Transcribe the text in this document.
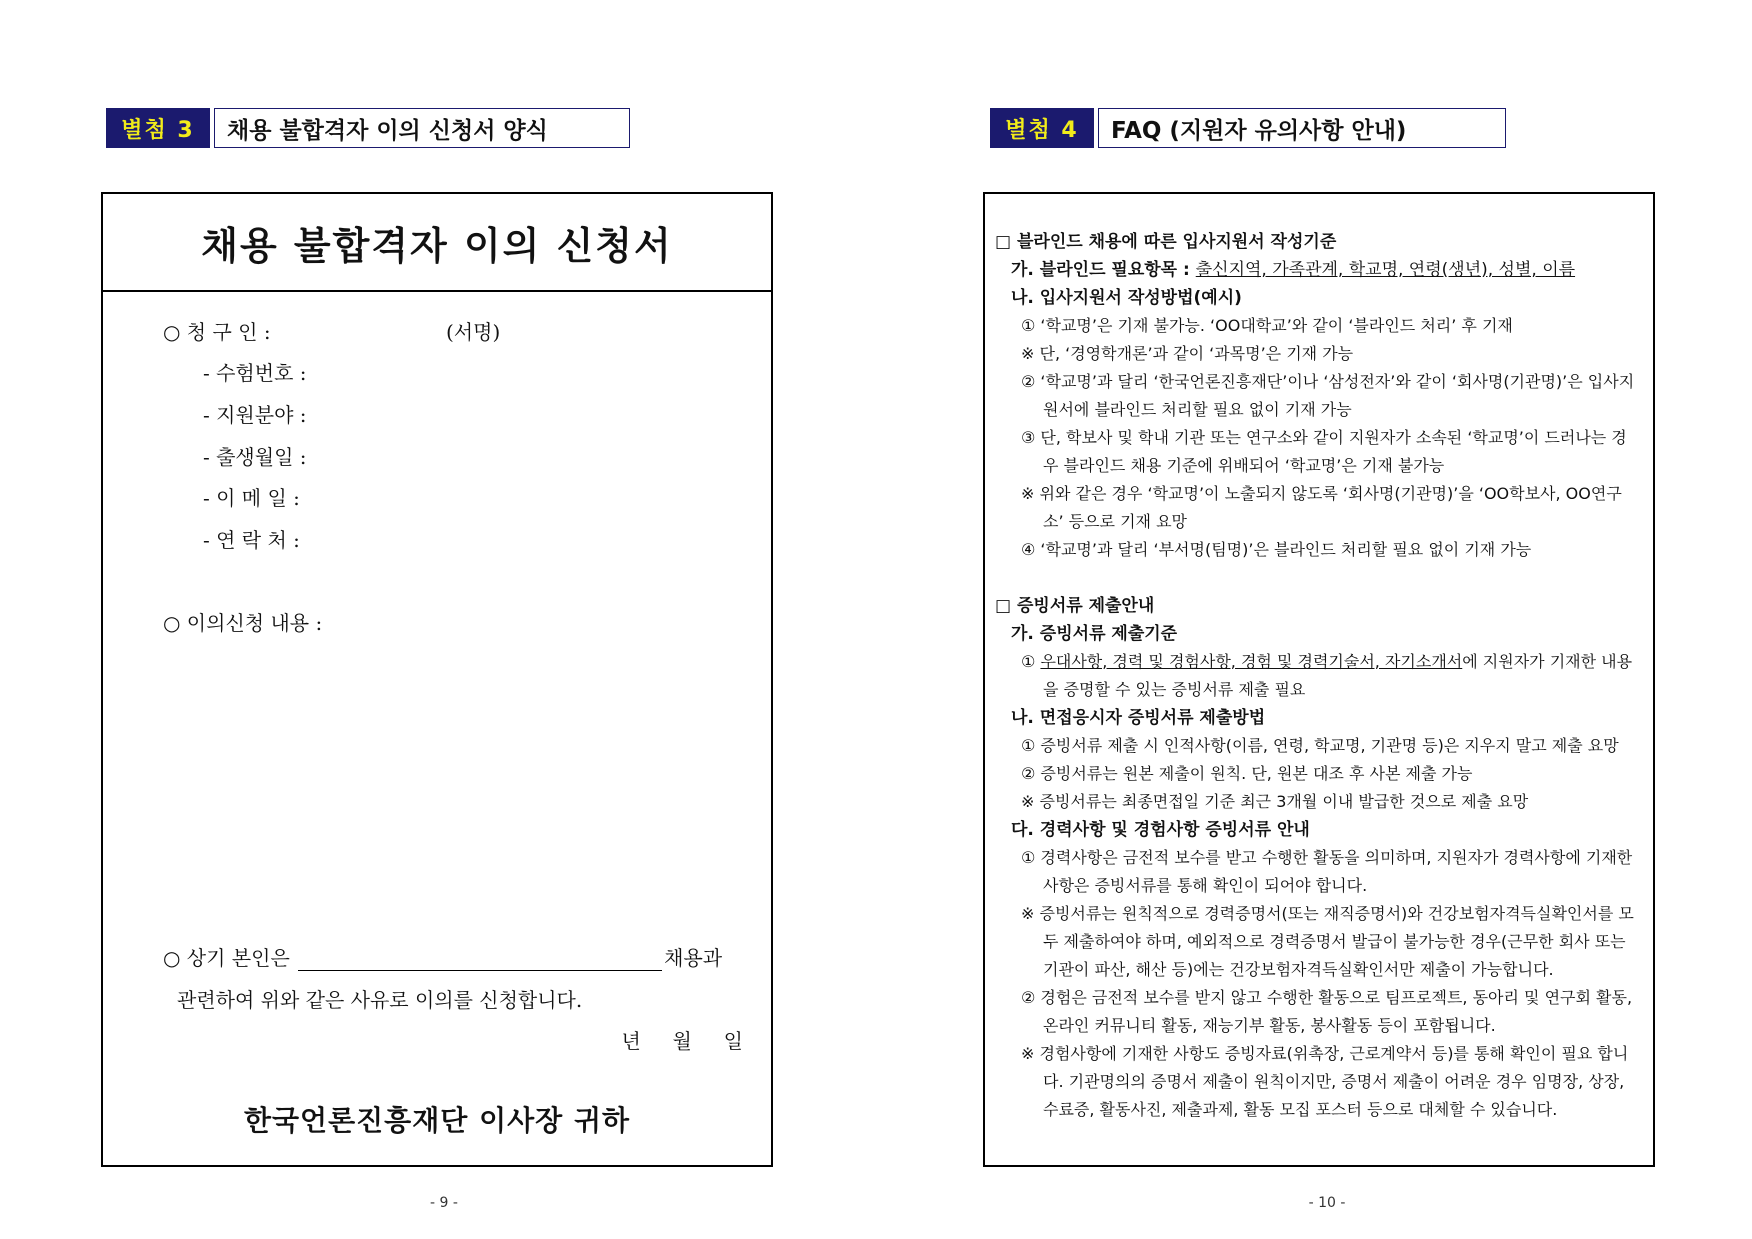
별첨 3	채용 불합격자 이의 신청서 양식
채용 불합격자 이의 신청서
○ 청 구 인 :	(서명)
- 수험번호 :
- 지원분야 :
- 출생월일 :
- 이 메 일 :
- 연 락 처 :
○ 이의신청 내용 :
○ 상기 본인은	채용과
관련하여 위와 같은 사유로 이의를 신청합니다.
년     월     일
한국언론진흥재단 이사장 귀하
- 9 -
별첨 4	FAQ (지원자 유의사항 안내)
□ 블라인드 채용에 따른 입사지원서 작성기준
가. 블라인드 필요항목 : 출신지역, 가족관계, 학교명, 연령(생년), 성별, 이름
나. 입사지원서 작성방법(예시)
① ‘학교명’은 기재 불가능. ‘OO대학교’와 같이 ‘블라인드 처리’ 후 기재
※ 단, ‘경영학개론’과 같이 ‘과목명’은 기재 가능
② ‘학교명’과 달리 ‘한국언론진흥재단’이나 ‘삼성전자’와 같이 ‘회사명(기관명)’은 입사지원서에 블라인드 처리할 필요 없이 기재 가능
③ 단, 학보사 및 학내 기관 또는 연구소와 같이 지원자가 소속된 ‘학교명’이 드러나는 경우 블라인드 채용 기준에 위배되어 ‘학교명’은 기재 불가능
※ 위와 같은 경우 ‘학교명’이 노출되지 않도록 ‘회사명(기관명)’을 ‘OO학보사, OO연구소’ 등으로 기재 요망
④ ‘학교명’과 달리 ‘부서명(팀명)’은 블라인드 처리할 필요 없이 기재 가능
□ 증빙서류 제출안내
가. 증빙서류 제출기준
① 우대사항, 경력 및 경험사항, 경험 및 경력기술서, 자기소개서에 지원자가 기재한 내용을 증명할 수 있는 증빙서류 제출 필요
나. 면접응시자 증빙서류 제출방법
① 증빙서류 제출 시 인적사항(이름, 연령, 학교명, 기관명 등)은 지우지 말고 제출 요망
② 증빙서류는 원본 제출이 원칙. 단, 원본 대조 후 사본 제출 가능
※ 증빙서류는 최종면접일 기준 최근 3개월 이내 발급한 것으로 제출 요망
다. 경력사항 및 경험사항 증빙서류 안내
① 경력사항은 금전적 보수를 받고 수행한 활동을 의미하며, 지원자가 경력사항에 기재한 사항은 증빙서류를 통해 확인이 되어야 합니다.
※ 증빙서류는 원칙적으로 경력증명서(또는 재직증명서)와 건강보험자격득실확인서를 모두 제출하여야 하며, 예외적으로 경력증명서 발급이 불가능한 경우(근무한 회사 또는 기관이 파산, 해산 등)에는 건강보험자격득실확인서만 제출이 가능합니다.
② 경험은 금전적 보수를 받지 않고 수행한 활동으로 팀프로젝트, 동아리 및 연구회 활동, 온라인 커뮤니티 활동, 재능기부 활동, 봉사활동 등이 포함됩니다.
※ 경험사항에 기재한 사항도 증빙자료(위촉장, 근로계약서 등)를 통해 확인이 필요 합니다. 기관명의의 증명서 제출이 원칙이지만, 증명서 제출이 어려운 경우 임명장, 상장, 수료증, 활동사진, 제출과제, 활동 모집 포스터 등으로 대체할 수 있습니다.
- 10 -
